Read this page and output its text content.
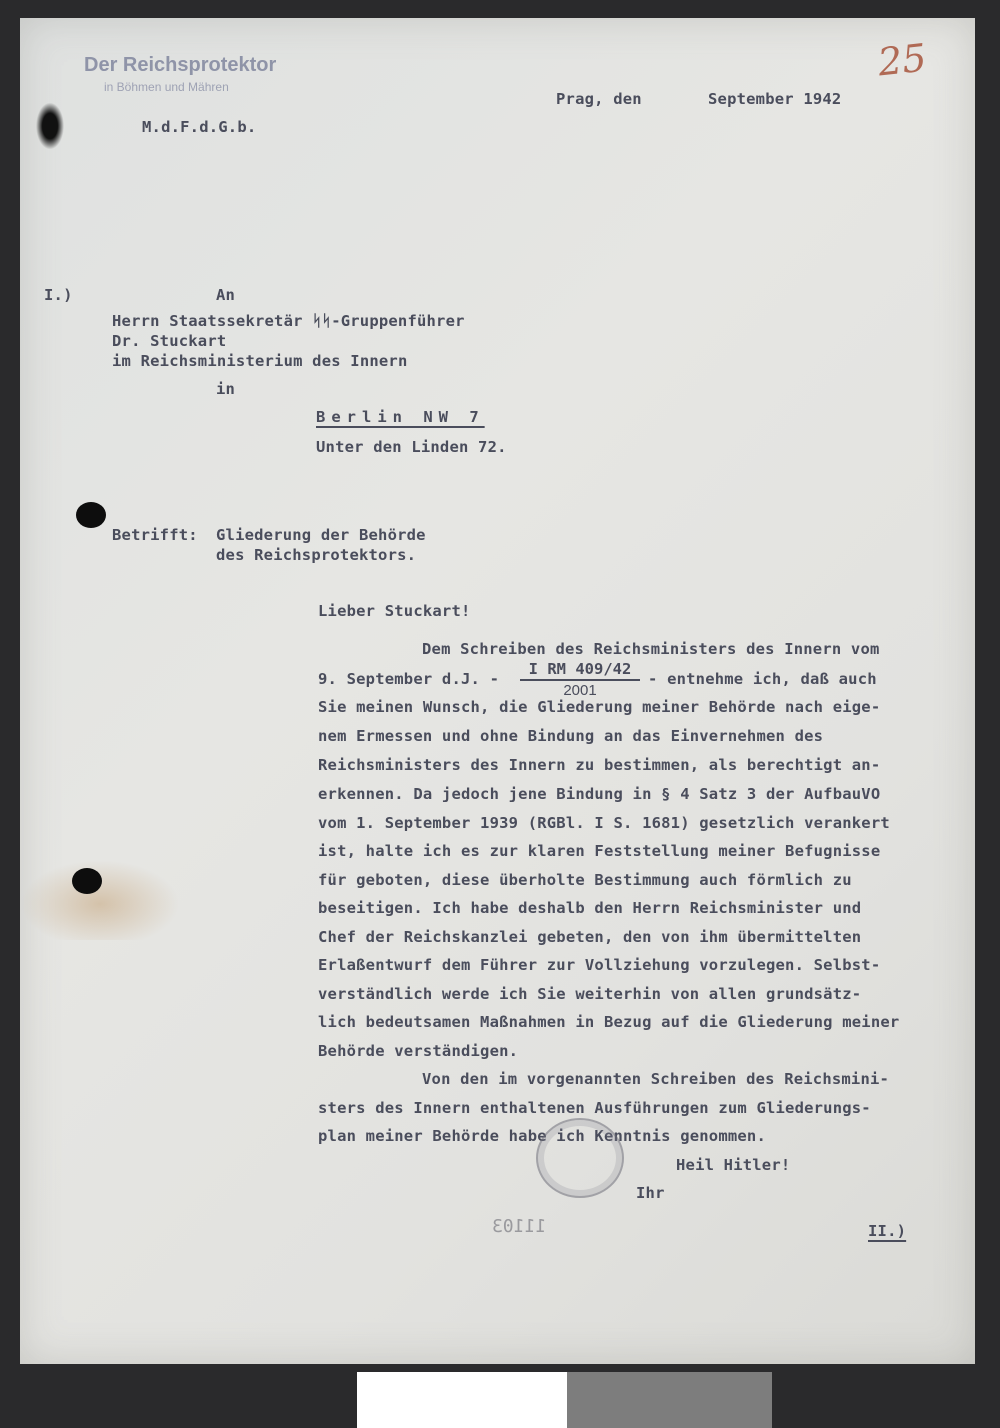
Der Reichsprotektor
in Böhmen und Mähren
M.d.F.d.G.b.
25
Prag, den	September 1942
I.)	An
Herrn Staatssekretär ᛋᛋ-Gruppenführer
Dr. Stuckart
im Reichsministerium des Innern
in
Berlin NW 7
Unter den Linden 72.
Betrifft: Gliederung der Behörde
des Reichsprotektors.
Lieber Stuckart!
Dem Schreiben des Reichsministers des Innern vom
9. September d.J. - $\frac{\text{I RM 409/42}}{2001}$ - entnehme ich, daß auch
Sie meinen Wunsch, die Gliederung meiner Behörde nach eige-
nem Ermessen und ohne Bindung an das Einvernehmen des
Reichsministers des Innern zu bestimmen, als berechtigt an-
erkennen. Da jedoch jene Bindung in § 4 Satz 3 der AufbauVO
vom 1. September 1939 (RGBl. I S. 1681) gesetzlich verankert
ist, halte ich es zur klaren Feststellung meiner Befugnisse
für geboten, diese überholte Bestimmung auch förmlich zu
beseitigen. Ich habe deshalb den Herrn Reichsminister und
Chef der Reichskanzlei gebeten, den von ihm übermittelten
Erlaßentwurf dem Führer zur Vollziehung vorzulegen. Selbst-
verständlich werde ich Sie weiterhin von allen grundsätz-
lich bedeutsamen Maßnahmen in Bezug auf die Gliederung meiner
Behörde verständigen.
Von den im vorgenannten Schreiben des Reichsmini-
sters des Innern enthaltenen Ausführungen zum Gliederungs-
plan meiner Behörde habe ich Kenntnis genommen.
Heil Hitler!
Ihr
11103	II.)
